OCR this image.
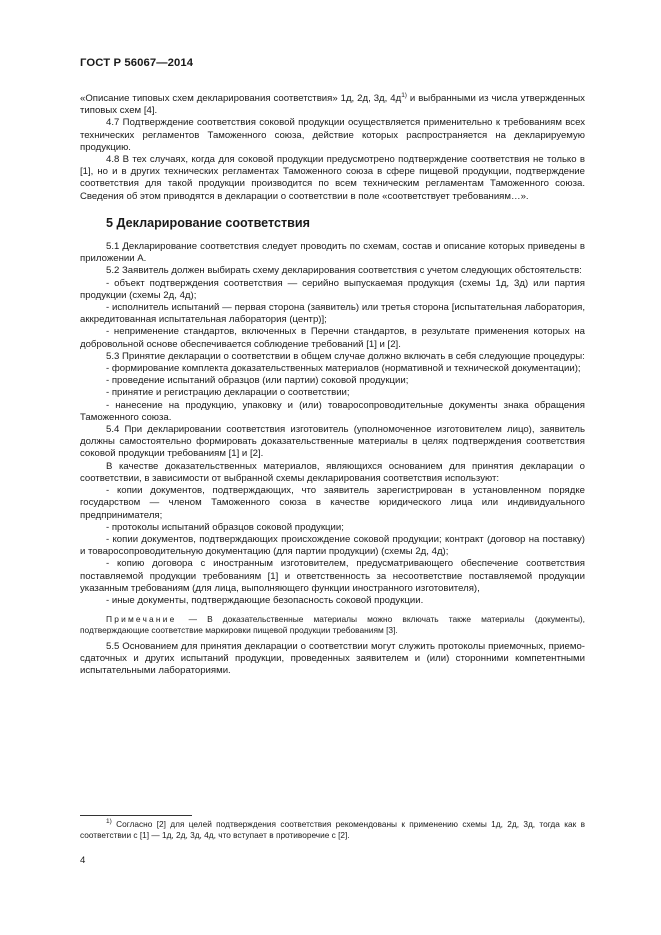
ГОСТ Р 56067—2014

«Описание типовых схем декларирования соответствия» 1д, 2д, 3д, $4д^{1)}$ и выбранными из числа утвержденных типовых схем [4].

4.7 Подтверждение соответствия соковой продукции осуществляется применительно к требованиям всех технических регламентов Таможенного союза, действие которых распространяется на декларируемую продукцию.

4.8 В тех случаях, когда для соковой продукции предусмотрено подтверждение соответствия не только в [1], но и в других технических регламентах Таможенного союза в сфере пищевой продукции, подтверждение соответствия для такой продукции производится по всем техническим регламентам Таможенного союза. Сведения об этом приводятся в декларации о соответствии в поле «соответствует требованиям…».

5 Декларирование соответствия

5.1 Декларирование соответствия следует проводить по схемам, состав и описание которых приведены в приложении А.

5.2 Заявитель должен выбирать схему декларирования соответствия с учетом следующих обстоятельств:

- объект подтверждения соответствия — серийно выпускаемая продукция (схемы 1д, 3д) или партия продукции (схемы 2д, 4д);

- исполнитель испытаний — первая сторона (заявитель) или третья сторона [испытательная лаборатория, аккредитованная испытательная лаборатория (центр)];

- неприменение стандартов, включенных в Перечни стандартов, в результате применения которых на добровольной основе обеспечивается соблюдение требований [1] и [2].

5.3 Принятие декларации о соответствии в общем случае должно включать в себя следующие процедуры:

- формирование комплекта доказательственных материалов (нормативной и технической документации);

- проведение испытаний образцов (или партии) соковой продукции;

- принятие и регистрацию декларации о соответствии;

- нанесение на продукцию, упаковку и (или) товаросопроводительные документы знака обращения Таможенного союза.

5.4 При декларировании соответствия изготовитель (уполномоченное изготовителем лицо), заявитель должны самостоятельно формировать доказательственные материалы в целях подтверждения соответствия соковой продукции требованиям [1] и [2].

В качестве доказательственных материалов, являющихся основанием для принятия декларации о соответствии, в зависимости от выбранной схемы декларирования соответствия используют:

- копии документов, подтверждающих, что заявитель зарегистрирован в установленном порядке государством — членом Таможенного союза в качестве юридического лица или индивидуального предпринимателя;

- протоколы испытаний образцов соковой продукции;

- копии документов, подтверждающих происхождение соковой продукции; контракт (договор на поставку) и товаросопроводительную документацию (для партии продукции) (схемы 2д, 4д);

- копию договора с иностранным изготовителем, предусматривающего обеспечение соответствия поставляемой продукции требованиям [1] и ответственность за несоответствие поставляемой продукции указанным требованиям (для лица, выполняющего функции иностранного изготовителя),

- иные документы, подтверждающие безопасность соковой продукции.

Примечание — В доказательственные материалы можно включать также материалы (документы), подтверждающие соответствие маркировки пищевой продукции требованиям [3].

5.5 Основанием для принятия декларации о соответствии могут служить протоколы приемочных, приемо-сдаточных и других испытаний продукции, проведенных заявителем и (или) сторонними компетентными испытательными лабораториями.

$^{1)}$ Согласно [2] для целей подтверждения соответствия рекомендованы к применению схемы 1д, 2д, 3д, тогда как в соответствии с [1] — 1д, 2д, 3д, 4д, что вступает в противоречие с [2].

4
